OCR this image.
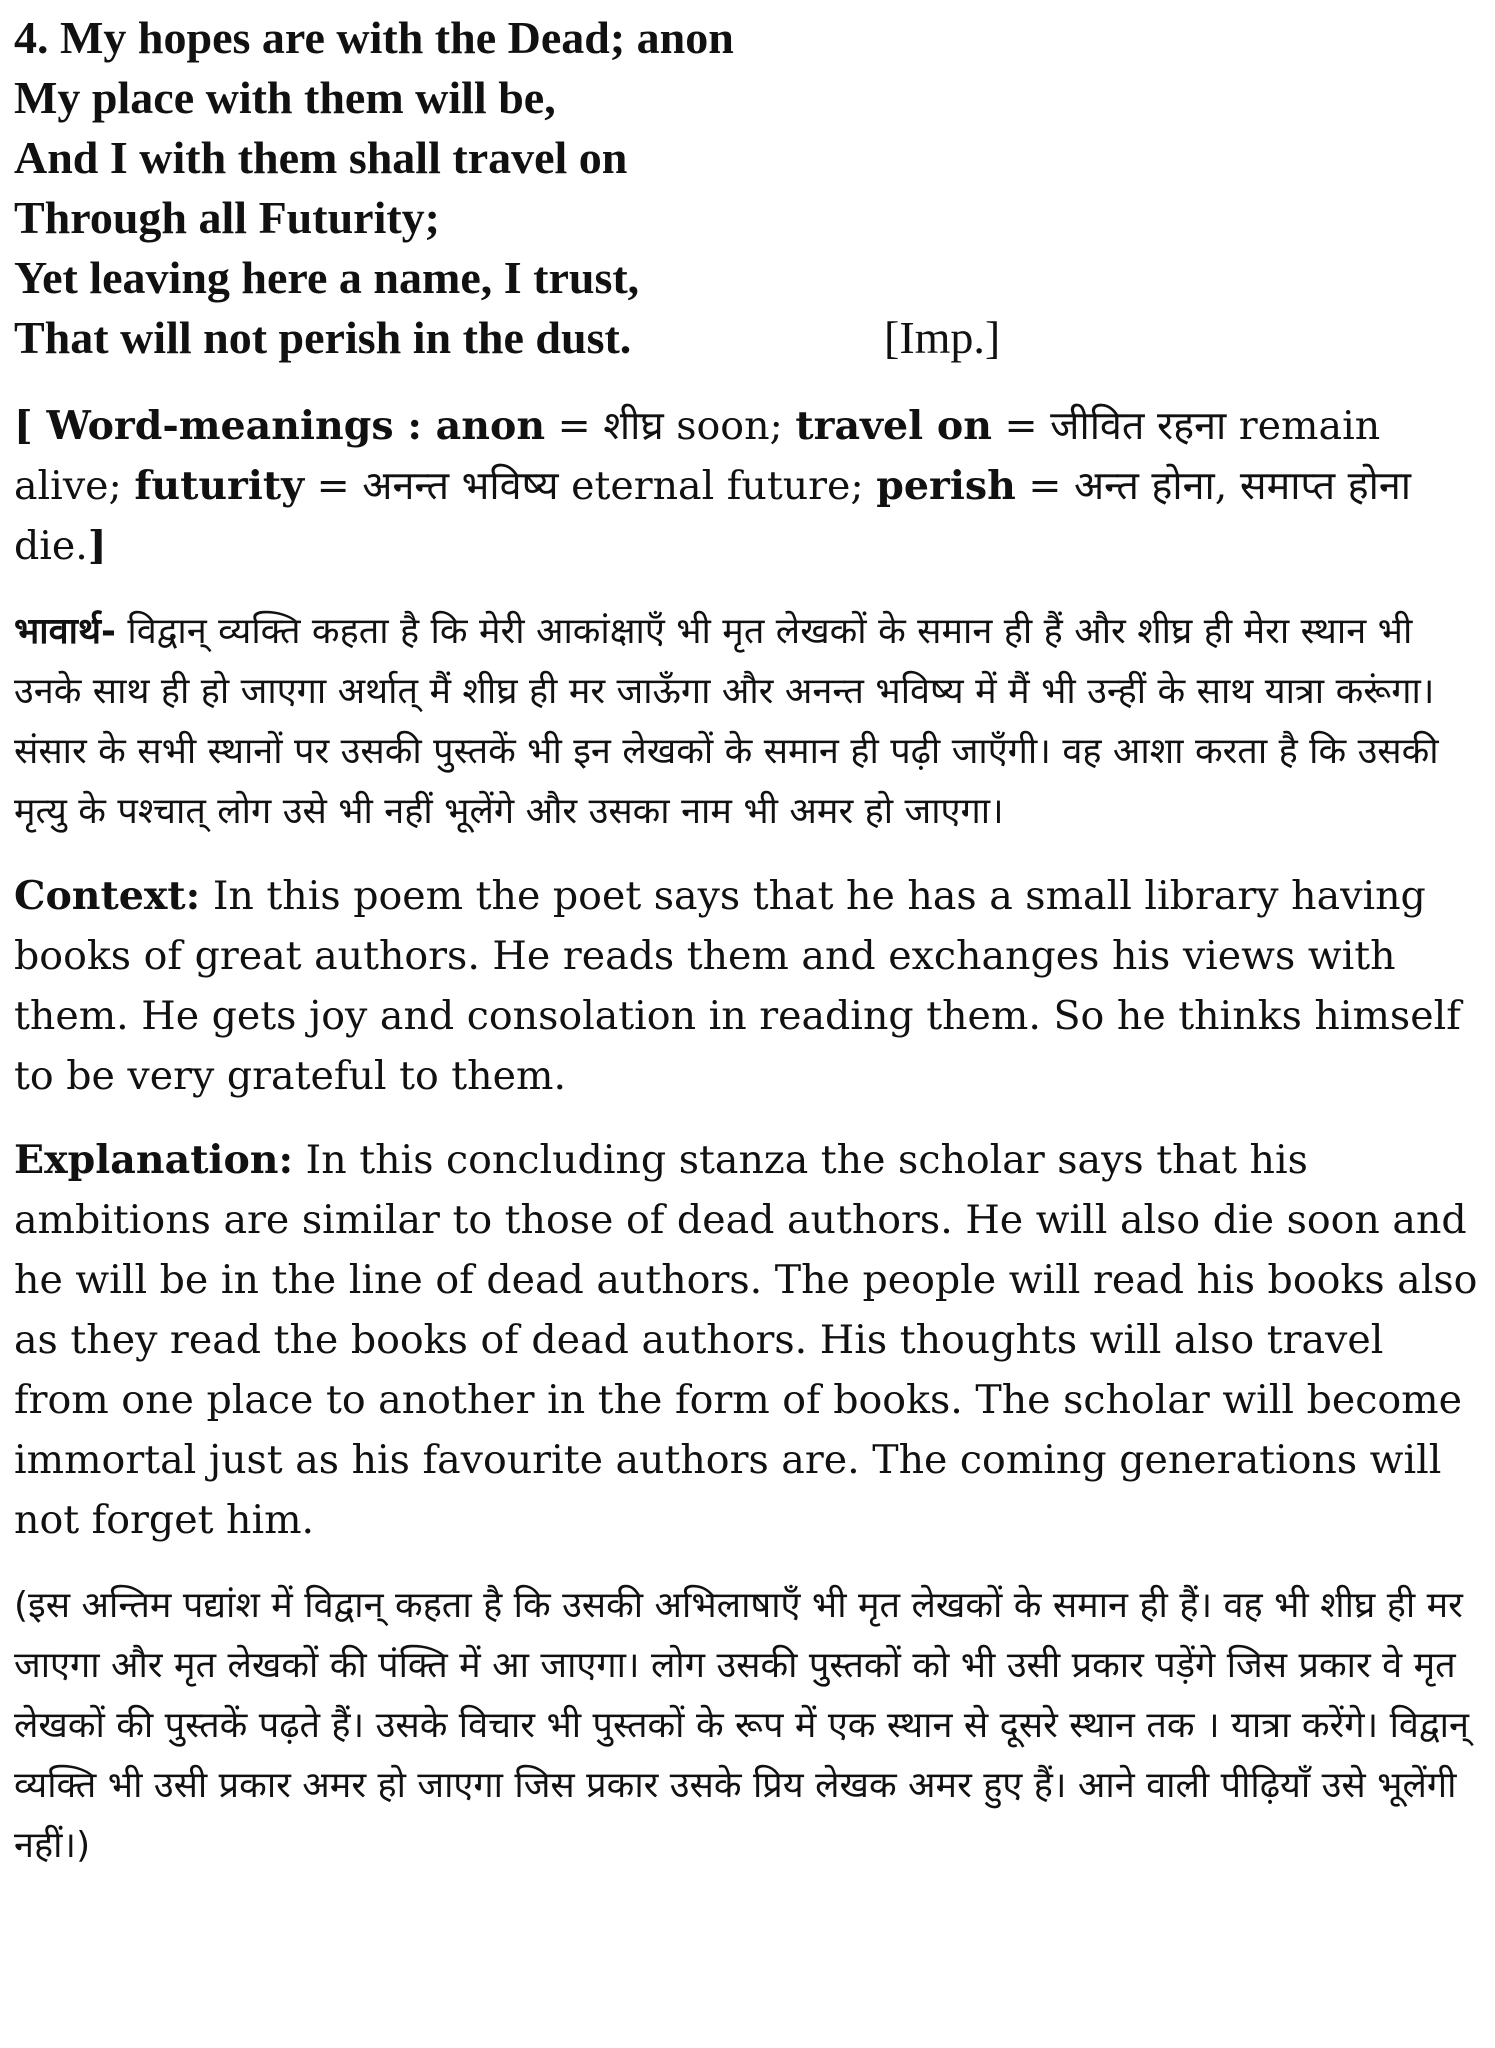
4. My hopes are with the Dead; anon
My place with them will be,
And I with them shall travel on
Through all Futurity;
Yet leaving here a name, I trust,
That will not perish in the dust.	[Imp.]

[ Word-meanings : anon = शीघ्र soon; travel on = जीवित रहना remain alive; futurity = अनन्त भविष्य eternal future; perish = अन्त होना, समाप्त होना die.]

भावार्थ- विद्वान् व्यक्ति कहता है कि मेरी आकांक्षाएँ भी मृत लेखकों के समान ही हैं और शीघ्र ही मेरा स्थान भी उनके साथ ही हो जाएगा अर्थात् मैं शीघ्र ही मर जाऊँगा और अनन्त भविष्य में मैं भी उन्हीं के साथ यात्रा करूंगा। संसार के सभी स्थानों पर उसकी पुस्तकें भी इन लेखकों के समान ही पढ़ी जाएँगी। वह आशा करता है कि उसकी मृत्यु के पश्चात् लोग उसे भी नहीं भूलेंगे और उसका नाम भी अमर हो जाएगा।

Context: In this poem the poet says that he has a small library having books of great authors. He reads them and exchanges his views with them. He gets joy and consolation in reading them. So he thinks himself to be very grateful to them.

Explanation: In this concluding stanza the scholar says that his ambitions are similar to those of dead authors. He will also die soon and he will be in the line of dead authors. The people will read his books also as they read the books of dead authors. His thoughts will also travel from one place to another in the form of books. The scholar will become immortal just as his favourite authors are. The coming generations will not forget him.

(इस अन्तिम पद्यांश में विद्वान् कहता है कि उसकी अभिलाषाएँ भी मृत लेखकों के समान ही हैं। वह भी शीघ्र ही मर जाएगा और मृत लेखकों की पंक्ति में आ जाएगा। लोग उसकी पुस्तकों को भी उसी प्रकार पड़ेंगे जिस प्रकार वे मृत लेखकों की पुस्तकें पढ़ते हैं। उसके विचार भी पुस्तकों के रूप में एक स्थान से दूसरे स्थान तक । यात्रा करेंगे। विद्वान् व्यक्ति भी उसी प्रकार अमर हो जाएगा जिस प्रकार उसके प्रिय लेखक अमर हुए हैं। आने वाली पीढ़ियाँ उसे भूलेंगी नहीं।)
